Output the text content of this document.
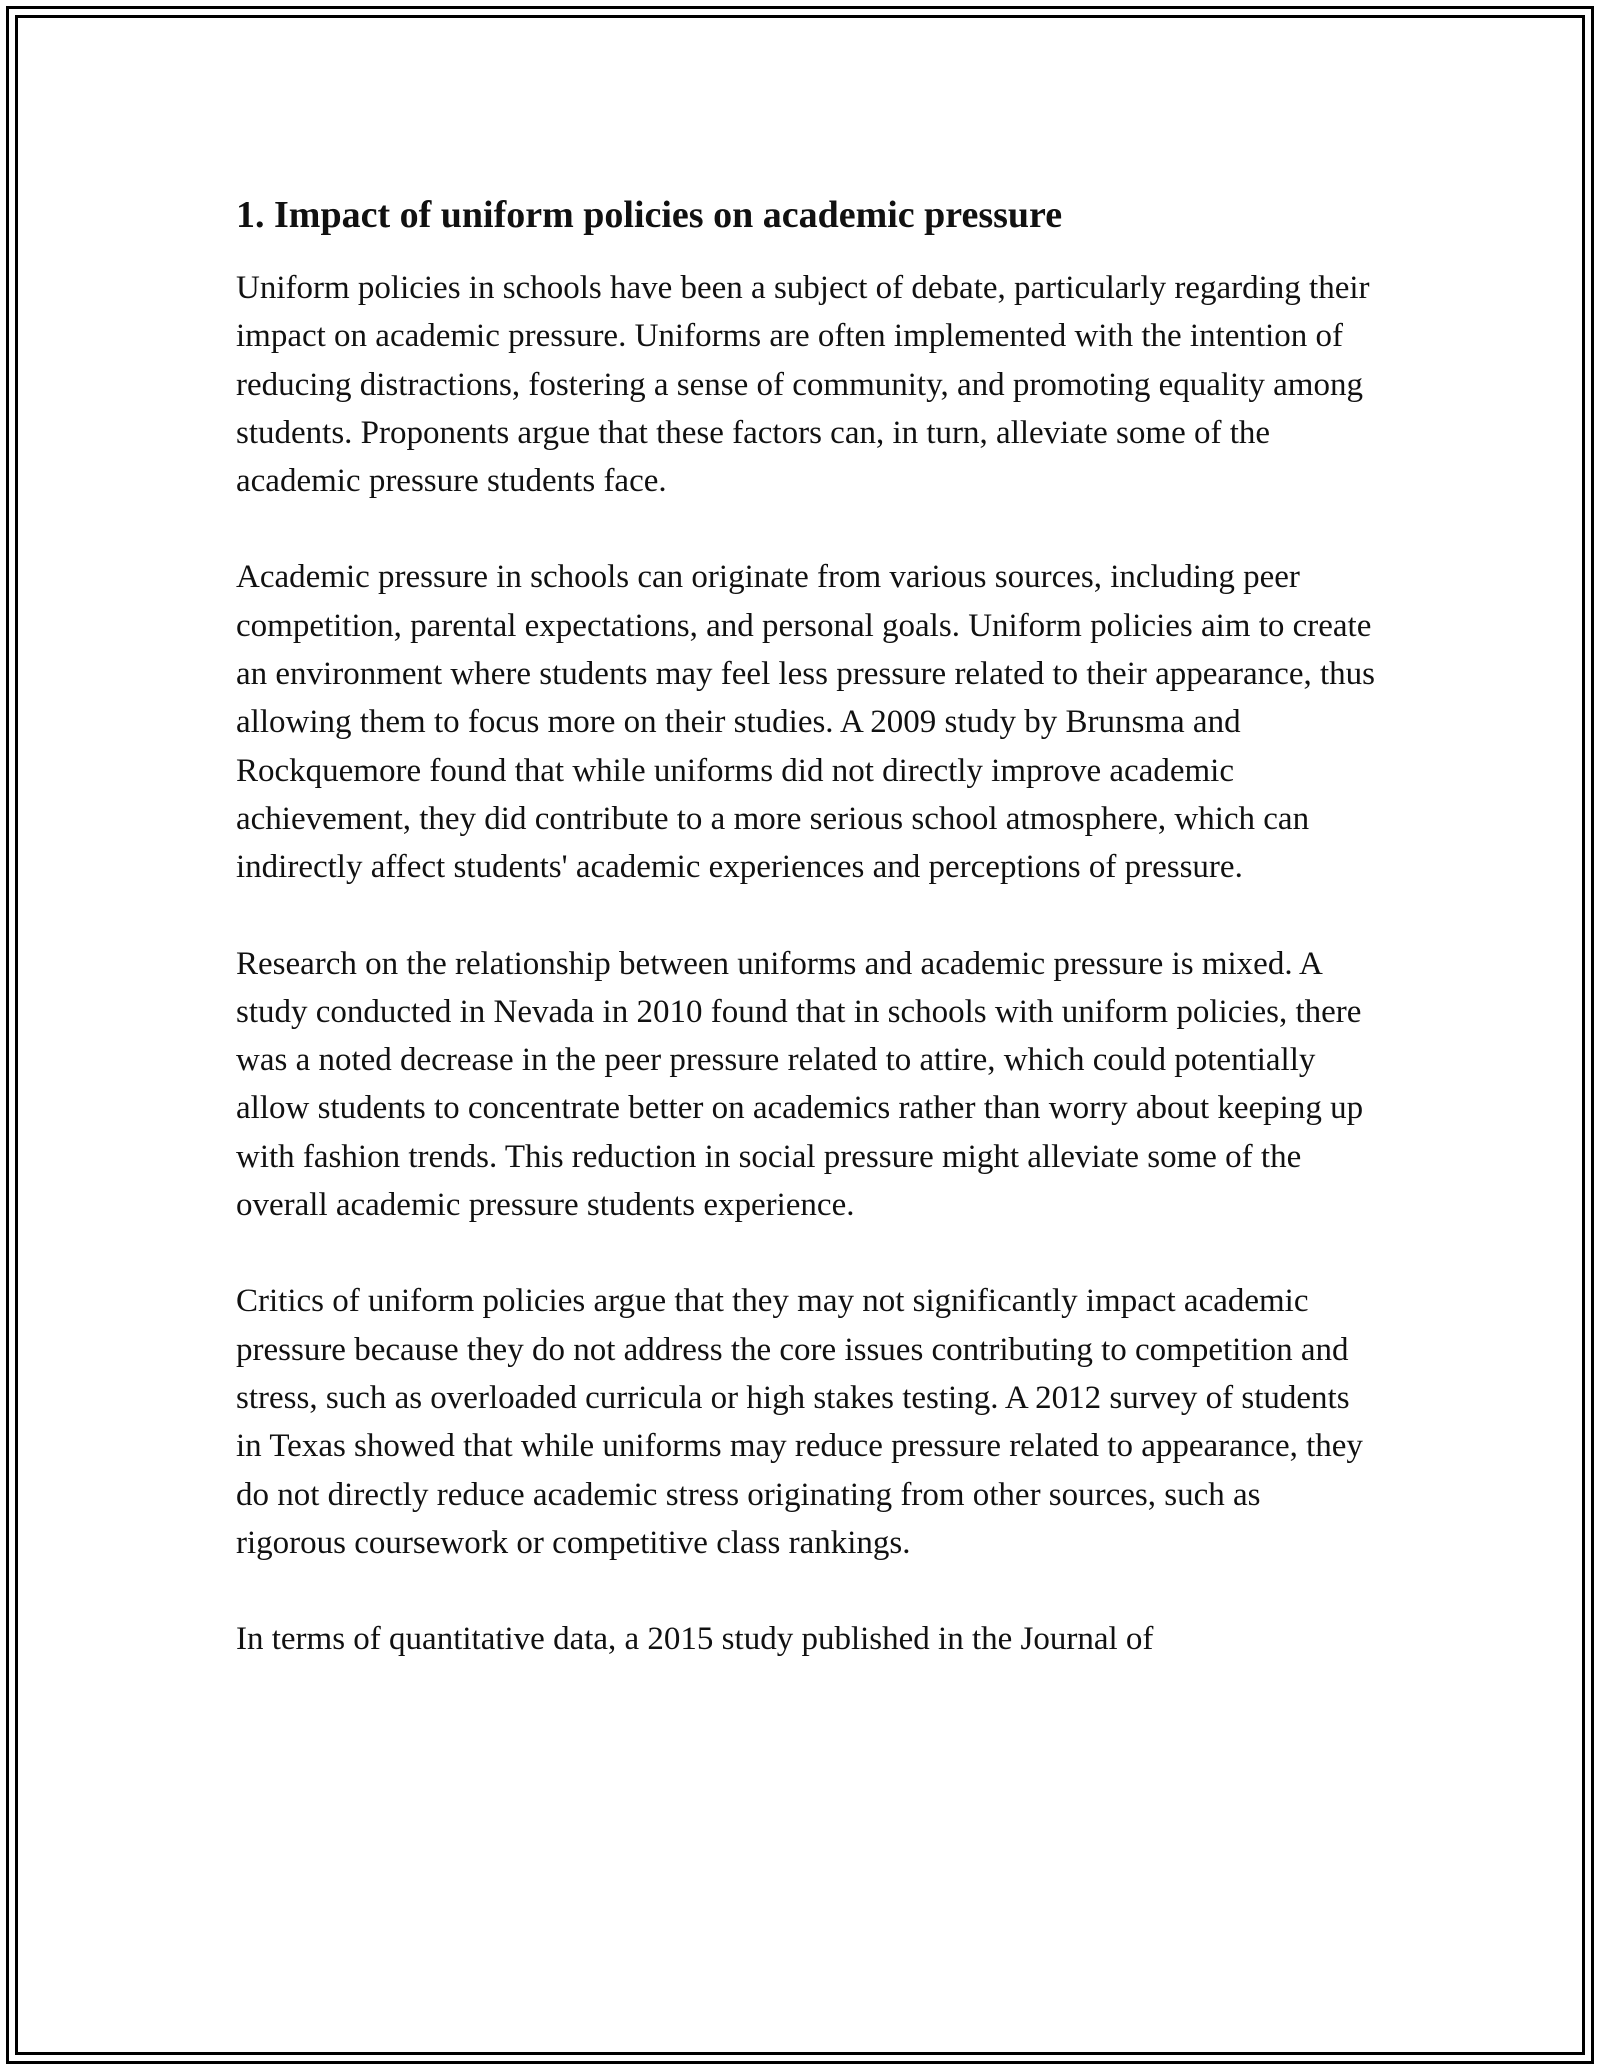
1. Impact of uniform policies on academic pressure

Uniform policies in schools have been a subject of debate, particularly regarding their impact on academic pressure. Uniforms are often implemented with the intention of reducing distractions, fostering a sense of community, and promoting equality among students. Proponents argue that these factors can, in turn, alleviate some of the academic pressure students face.

Academic pressure in schools can originate from various sources, including peer competition, parental expectations, and personal goals. Uniform policies aim to create an environment where students may feel less pressure related to their appearance, thus allowing them to focus more on their studies. A 2009 study by Brunsma and Rockquemore found that while uniforms did not directly improve academic achievement, they did contribute to a more serious school atmosphere, which can indirectly affect students' academic experiences and perceptions of pressure.

Research on the relationship between uniforms and academic pressure is mixed. A study conducted in Nevada in 2010 found that in schools with uniform policies, there was a noted decrease in the peer pressure related to attire, which could potentially allow students to concentrate better on academics rather than worry about keeping up with fashion trends. This reduction in social pressure might alleviate some of the overall academic pressure students experience.

Critics of uniform policies argue that they may not significantly impact academic pressure because they do not address the core issues contributing to competition and stress, such as overloaded curricula or high stakes testing. A 2012 survey of students in Texas showed that while uniforms may reduce pressure related to appearance, they do not directly reduce academic stress originating from other sources, such as rigorous coursework or competitive class rankings.

In terms of quantitative data, a 2015 study published in the Journal of
